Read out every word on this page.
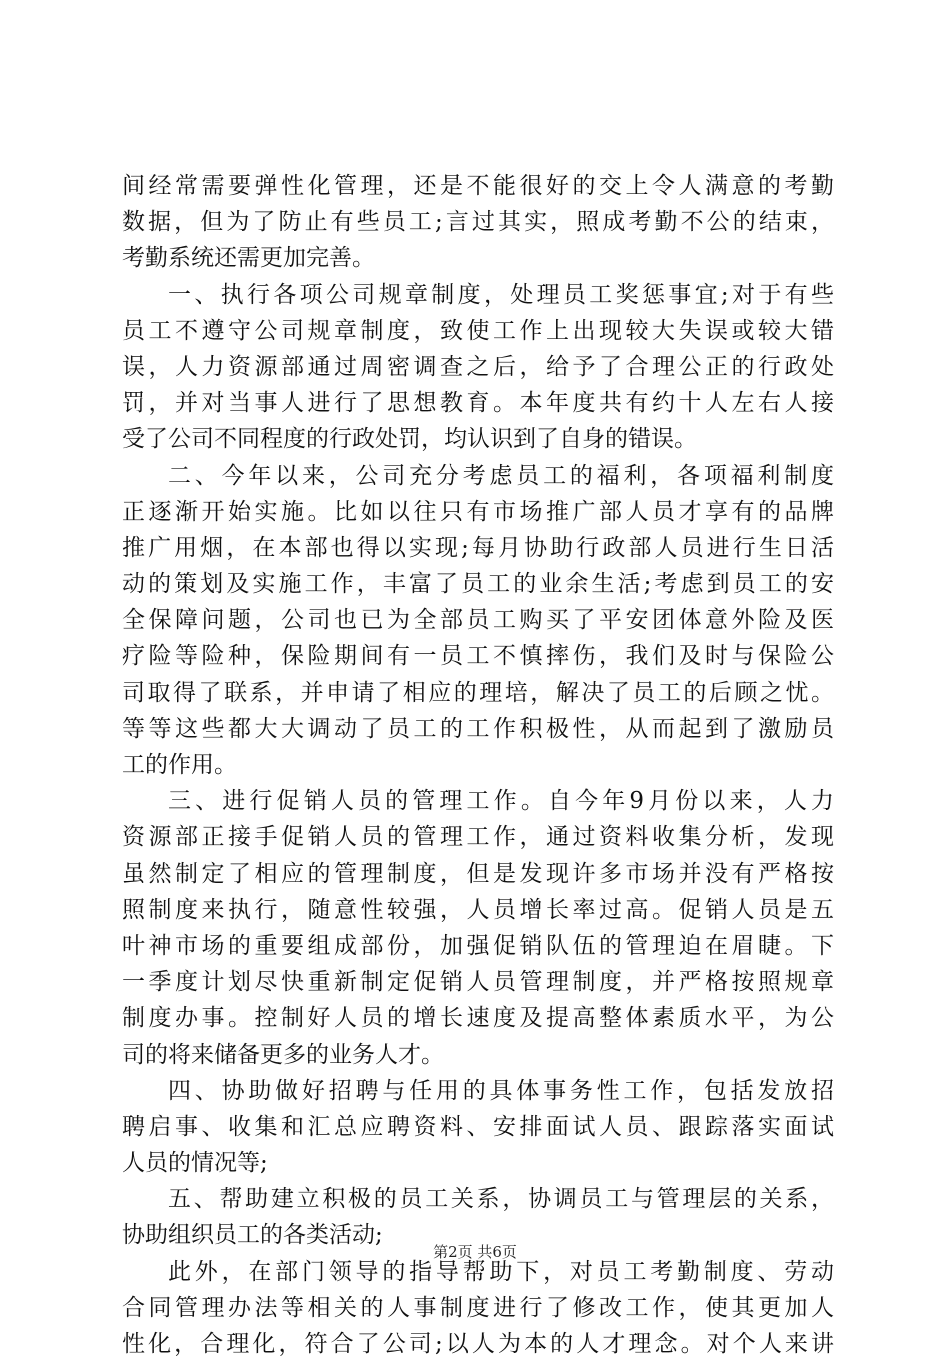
间经常需要弹性化管理，还是不能很好的交上令人满意的考勤
数据，但为了防止有些员工;言过其实，照成考勤不公的结束，
考勤系统还需更加完善。
一、执行各项公司规章制度，处理员工奖惩事宜;对于有些
员工不遵守公司规章制度，致使工作上出现较大失误或较大错
误，人力资源部通过周密调查之后，给予了合理公正的行政处
罚，并对当事人进行了思想教育。本年度共有约十人左右人接
受了公司不同程度的行政处罚，均认识到了自身的错误。
二、今年以来，公司充分考虑员工的福利，各项福利制度
正逐渐开始实施。比如以往只有市场推广部人员才享有的品牌
推广用烟，在本部也得以实现;每月协助行政部人员进行生日活
动的策划及实施工作，丰富了员工的业余生活;考虑到员工的安
全保障问题，公司也已为全部员工购买了平安团体意外险及医
疗险等险种，保险期间有一员工不慎摔伤，我们及时与保险公
司取得了联系，并申请了相应的理培，解决了员工的后顾之忧。
等等这些都大大调动了员工的工作积极性，从而起到了激励员
工的作用。
三、进行促销人员的管理工作。自今年9月份以来，人力
资源部正接手促销人员的管理工作，通过资料收集分析，发现
虽然制定了相应的管理制度，但是发现许多市场并没有严格按
照制度来执行，随意性较强，人员增长率过高。促销人员是五
叶神市场的重要组成部份，加强促销队伍的管理迫在眉睫。下
一季度计划尽快重新制定促销人员管理制度，并严格按照规章
制度办事。控制好人员的增长速度及提高整体素质水平，为公
司的将来储备更多的业务人才。
四、协助做好招聘与任用的具体事务性工作，包括发放招
聘启事、收集和汇总应聘资料、安排面试人员、跟踪落实面试
人员的情况等;
五、帮助建立积极的员工关系，协调员工与管理层的关系，
协助组织员工的各类活动;
此外，在部门领导的指导帮助下，对员工考勤制度、劳动
合同管理办法等相关的人事制度进行了修改工作，使其更加人
性化，合理化，符合了公司;以人为本的人才理念。对个人来讲
第2页 共6页
